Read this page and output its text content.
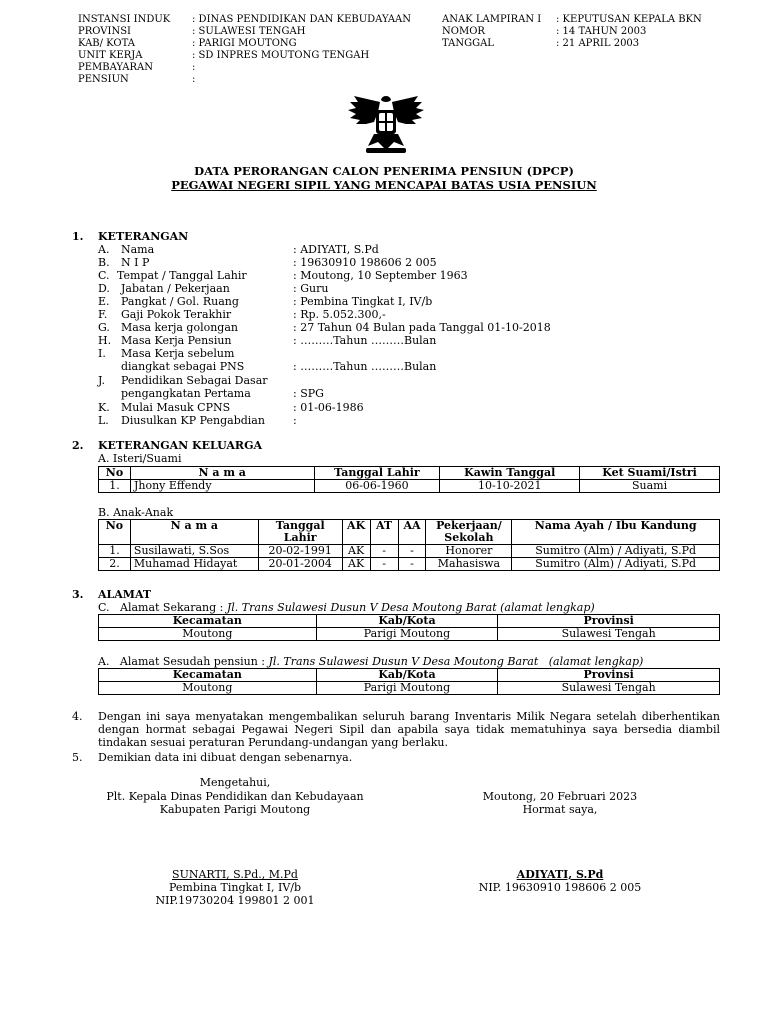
INSTANSI INDUK : DINAS PENDIDIKAN DAN KEBUDAYAAN
PROVINSI	: SULAWESI TENGAH
KAB/ KOTA	: PARIGI MOUTONG
UNIT KERJA	: SD INPRES MOUTONG TENGAH
PEMBAYARAN	:
PENSIUN	:
ANAK LAMPIRAN I : KEPUTUSAN KEPALA BKN
NOMOR	: 14 TAHUN 2003
TANGGAL	: 21 APRIL 2003
DATA PERORANGAN CALON PENERIMA PENSIUN (DPCP)
PEGAWAI NEGERI SIPIL YANG MENCAPAI BATAS USIA PENSIUN
1. KETERANGAN
A. Nama	: ADIYATI, S.Pd
B. N I P	: 19630910 198606 2 005
C. Tempat / Tanggal Lahir	: Moutong, 10 September 1963
D. Jabatan / Pekerjaan	: Guru
E. Pangkat / Gol. Ruang	: Pembina Tingkat I, IV/b
F. Gaji Pokok Terakhir	: Rp. 5.052.300,-
G. Masa kerja golongan	: 27 Tahun 04 Bulan pada Tanggal 01-10-2018
H. Masa Kerja Pensiun	: ………Tahun ………Bulan
I. Masa Kerja sebelum
diangkat sebagai PNS	: ………Tahun ………Bulan
J. Pendidikan Sebagai Dasar
pengangkatan Pertama	: SPG
K. Mulai Masuk CPNS	: 01-06-1986
L. Diusulkan KP Pengabdian	:
2. KETERANGAN KELUARGA
A. Isteri/Suami
No	N a m a	Tanggal Lahir	Kawin Tanggal	Ket Suami/Istri
1.	Jhony Effendy	06-06-1960	10-10-2021	Suami
B. Anak-Anak
No	N a m a	Tanggal	AK	AT	AA	Pekerjaan/	Nama Ayah / Ibu Kandung
		Lahir				Sekolah	
1.	Susilawati, S.Sos	20-02-1991	AK	-	-	Honorer	Sumitro (Alm) / Adiyati, S.Pd
2.	Muhamad Hidayat	20-01-2004	AK	-	-	Mahasiswa	Sumitro (Alm) / Adiyati, S.Pd
3. ALAMAT
C.   Alamat Sekarang : Jl. Trans Sulawesi Dusun V Desa Moutong Barat (alamat lengkap)
Kecamatan	Kab/Kota	Provinsi
Moutong	Parigi Moutong	Sulawesi Tengah
A.   Alamat Sesudah pensiun : Jl. Trans Sulawesi Dusun V Desa Moutong Barat   (alamat lengkap)
Kecamatan	Kab/Kota	Provinsi
Moutong	Parigi Moutong	Sulawesi Tengah
4. Dengan ini saya menyatakan mengembalikan seluruh barang Inventaris Milik Negara setelah diberhentikan dengan hormat sebagai Pegawai Negeri Sipil dan apabila saya tidak mematuhinya saya bersedia diambil tindakan sesuai peraturan Perundang-undangan yang berlaku.
5. Demikian data ini dibuat dengan sebenarnya.
Mengetahui,
Plt. Kepala Dinas Pendidikan dan Kebudayaan
Kabupaten Parigi Moutong
SUNARTI, S.Pd., M.Pd
Pembina Tingkat I, IV/b
NIP.19730204 199801 2 001
Moutong, 20 Februari 2023
Hormat saya,
ADIYATI, S.Pd
NIP. 19630910 198606 2 005
